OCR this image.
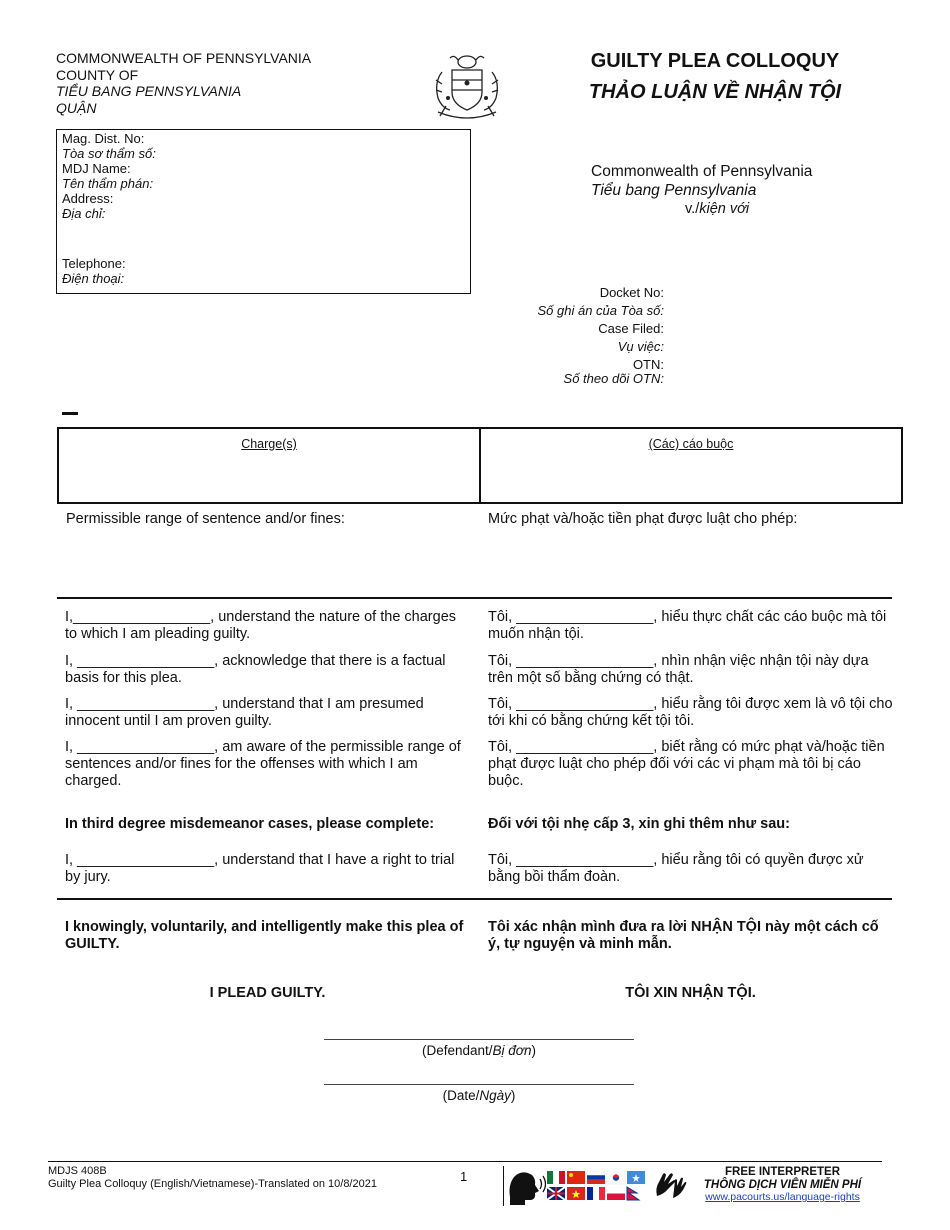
COMMONWEALTH OF PENNSYLVANIA
COUNTY OF
TIỂU BANG PENNSYLVANIA
QUẬN
GUILTY PLEA COLLOQUY
THẢO LUẬN VỀ NHẬN TỘI
Mag. Dist. No:
Tòa sơ thẩm số:
MDJ Name:
Tên thẩm phán:
Address:
Địa chỉ:
Telephone:
Điện thoại:
Commonwealth of Pennsylvania
Tiểu bang Pennsylvania
v./kiện với
Docket No:
Số ghi án của Tòa số:
Case Filed:
Vụ việc:
OTN:
Số theo dõi OTN:
Charge(s)	(Các) cáo buộc
Permissible range of sentence and/or fines:	Mức phạt và/hoặc tiền phạt được luật cho phép:
I,_________________, understand the nature of the charges to which I am pleading guilty.
Tôi, _________________, hiểu thực chất các cáo buộc mà tôi muốn nhận tội.
I, _________________, acknowledge that there is a factual basis for this plea.
Tôi, _________________, nhìn nhận việc nhận tội này dựa trên một số bằng chứng có thật.
I, _________________, understand that I am presumed innocent until I am proven guilty.
Tôi, _________________, hiểu rằng tôi được xem là vô tội cho tới khi có bằng chứng kết tội tôi.
I, _________________, am aware of the permissible range of sentences and/or fines for the offenses with which I am charged.
Tôi, _________________, biết rằng có mức phạt và/hoặc tiền phạt được luật cho phép đối với các vi phạm mà tôi bị cáo buộc.
In third degree misdemeanor cases, please complete:	Đối với tội nhẹ cấp 3, xin ghi thêm như sau:
I, _________________, understand that I have a right to trial by jury.
Tôi, _________________, hiểu rằng tôi có quyền được xử bằng bồi thẩm đoàn.
I knowingly, voluntarily, and intelligently make this plea of GUILTY.
Tôi xác nhận mình đưa ra lời NHẬN TỘI này một cách cố ý, tự nguyện và minh mẫn.
I PLEAD GUILTY.	TÔI XIN NHẬN TỘI.
(Defendant/Bị đơn)
(Date/Ngày)
MDJS 408B
Guilty Plea Colloquy (English/Vietnamese)-Translated on 10/8/2021	1	FREE INTERPRETER
THÔNG DỊCH VIÊN MIỄN PHÍ
www.pacourts.us/language-rights
